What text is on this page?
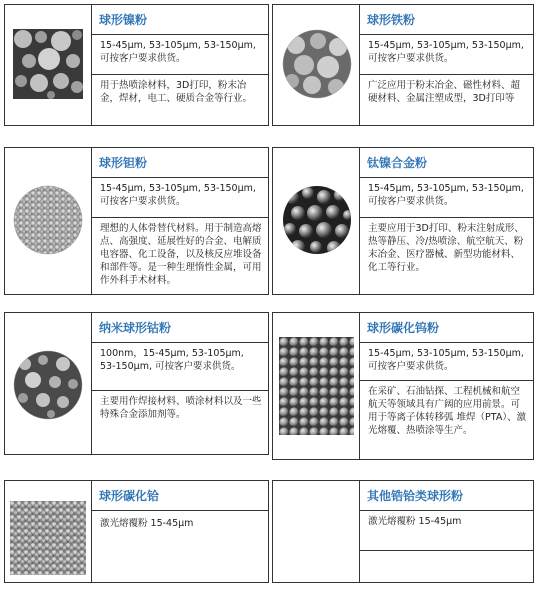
球形镍粉
15-45μm, 53-105μm, 53-150μm, 可按客户要求供货。
用于热喷涂材料，3D打印，粉末冶金，焊材，电工、硬质合金等行业。
球形铁粉
15-45μm, 53-105μm, 53-150μm, 可按客户要求供货。
广泛应用于粉末冶金、磁性材料、超硬材料、金属注塑成型，3D打印等
球形钽粉
15-45μm, 53-105μm, 53-150μm, 可按客户要求供货。
理想的人体骨替代材料。用于制造高熔点、高强度、延展性好的合金、电解质电容器、化工设备，以及核反应堆设备和部件等。是一种生理惰性金属，可用作外科手术材料。
钛镍合金粉
15-45μm, 53-105μm, 53-150μm, 可按客户要求供货。
主要应用于3D打印、粉末注射成形、热等静压、冷/热喷涂、航空航天、粉末冶金、医疗器械、新型功能材料、化工等行业。
纳米球形钴粉
100nm，15-45μm, 53-105μm, 53-150μm, 可按客户要求供货。
主要用作焊接材料、喷涂材料以及一些特殊合金添加剂等。
球形碳化钨粉
15-45μm, 53-105μm, 53-150μm, 可按客户要求供货。
在采矿、石油钻探、工程机械和航空航天等领域具有广阔的应用前景。可用于等离子体转移弧 堆焊（PTA）、激光熔覆、热喷涂等生产。
球形碳化铪
激光熔覆粉 15-45μm
其他锆铪类球形粉
激光熔覆粉 15-45μm
